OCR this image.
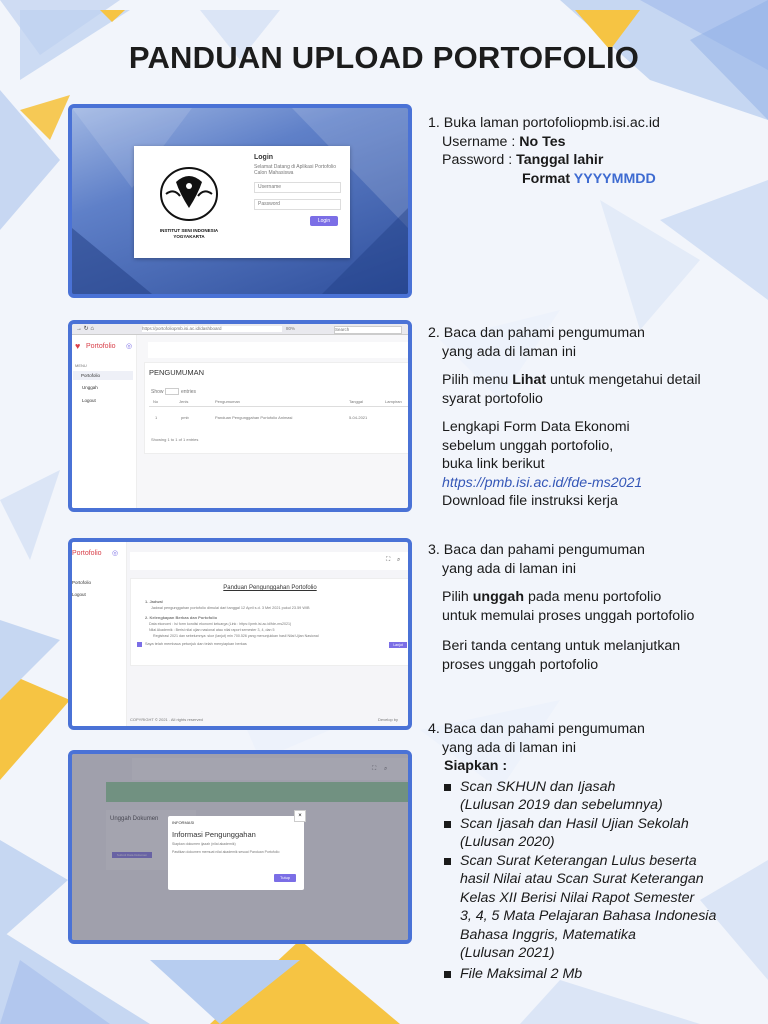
PANDUAN UPLOAD PORTOFOLIO
INSTITUT SENI INDONESIA
YOGYAKARTA
Login
Selamat Datang di Aplikasi Portofolio Calon Mahasiswa
Username
Password
Login

1. Buka laman portofoliopmb.isi.ac.id

Username : No Tes

Password : Tanggal lahir

Format YYYYMMDD

→ ↻ ⌂	https://portofoliopmb.isi.ac.id/dashboard	80%	Search
♥ Portofolio ◎
MENU
Portofolio
Unggah
Logout
PENGUMUMAN
Show	entries
No	Jenis	Pengumuman	Tanggal	Lampiran
1	pmb	Panduan Pengunggahan Portofolio Animasi	5-04-2021
Showing 1 to 1 of 1 entries

2. Baca dan pahami pengumuman

yang ada di laman ini

Pilih menu Lihat untuk mengetahui detail

syarat portofolio

Lengkapi Form Data Ekonomi

sebelum unggah portofolio,

buka link berikut

https://pmb.isi.ac.id/fde-ms2021

Download file instruksi kerja

Portofolio ◎
Portofolio
Logout
⛶ ⌕
Panduan Pengunggahan Portofolio
1. Jadwal
Jadwal pengunggahan portofolio dimulai dari tanggal 12 April s.d. 3 Mei 2021 pukul 23.59 WIB
2. Kelengkapan Berkas dan Portofolio
Data ekonomi : Isi form kondisi ekonomi keluarga (Link : https://pmb.isi.ac.id/fde-ms2021)
Nilai Akademik : Berisi nilai ujian nasional atau nilai raport semester 3, 4, dan 5
Registrasi 2021 dan sebelumnya: skor (lanjut) min 700.526 yang menunjukkan hasil Nilai Ujian Nasional
Saya telah membaca petunjuk dan telah menyiapkan berkas	Lanjut
COPYRIGHT © 2021 . All rights reserved	Develop by

3. Baca dan pahami pengumuman

yang ada di laman ini

Pilih unggah pada menu portofolio

untuk memulai proses unggah portofolio

Beri tanda centang untuk melanjutkan

proses unggah portofolio

INFORMASI
×
Informasi Pengunggahan
Siapkan dokumen ijazah (nilai akademik)
Pastikan dokumen memuat nilai akademik sesuai Panduan Portofolio
Tutup

4. Baca dan pahami pengumuman

yang ada di laman ini

Siapkan :

Scan SKHUN dan Ijasah
(Lulusan 2019 dan sebelumnya)
Scan Ijasah dan Hasil Ujian Sekolah
(Lulusan 2020)
Scan Surat Keterangan Lulus beserta
hasil Nilai atau Scan Surat Keterangan
Kelas XII Berisi Nilai Rapot Semester
3, 4, 5 Mata Pelajaran Bahasa Indonesia
Bahasa Inggris, Matematika
(Lulusan 2021)
File Maksimal 2 Mb
